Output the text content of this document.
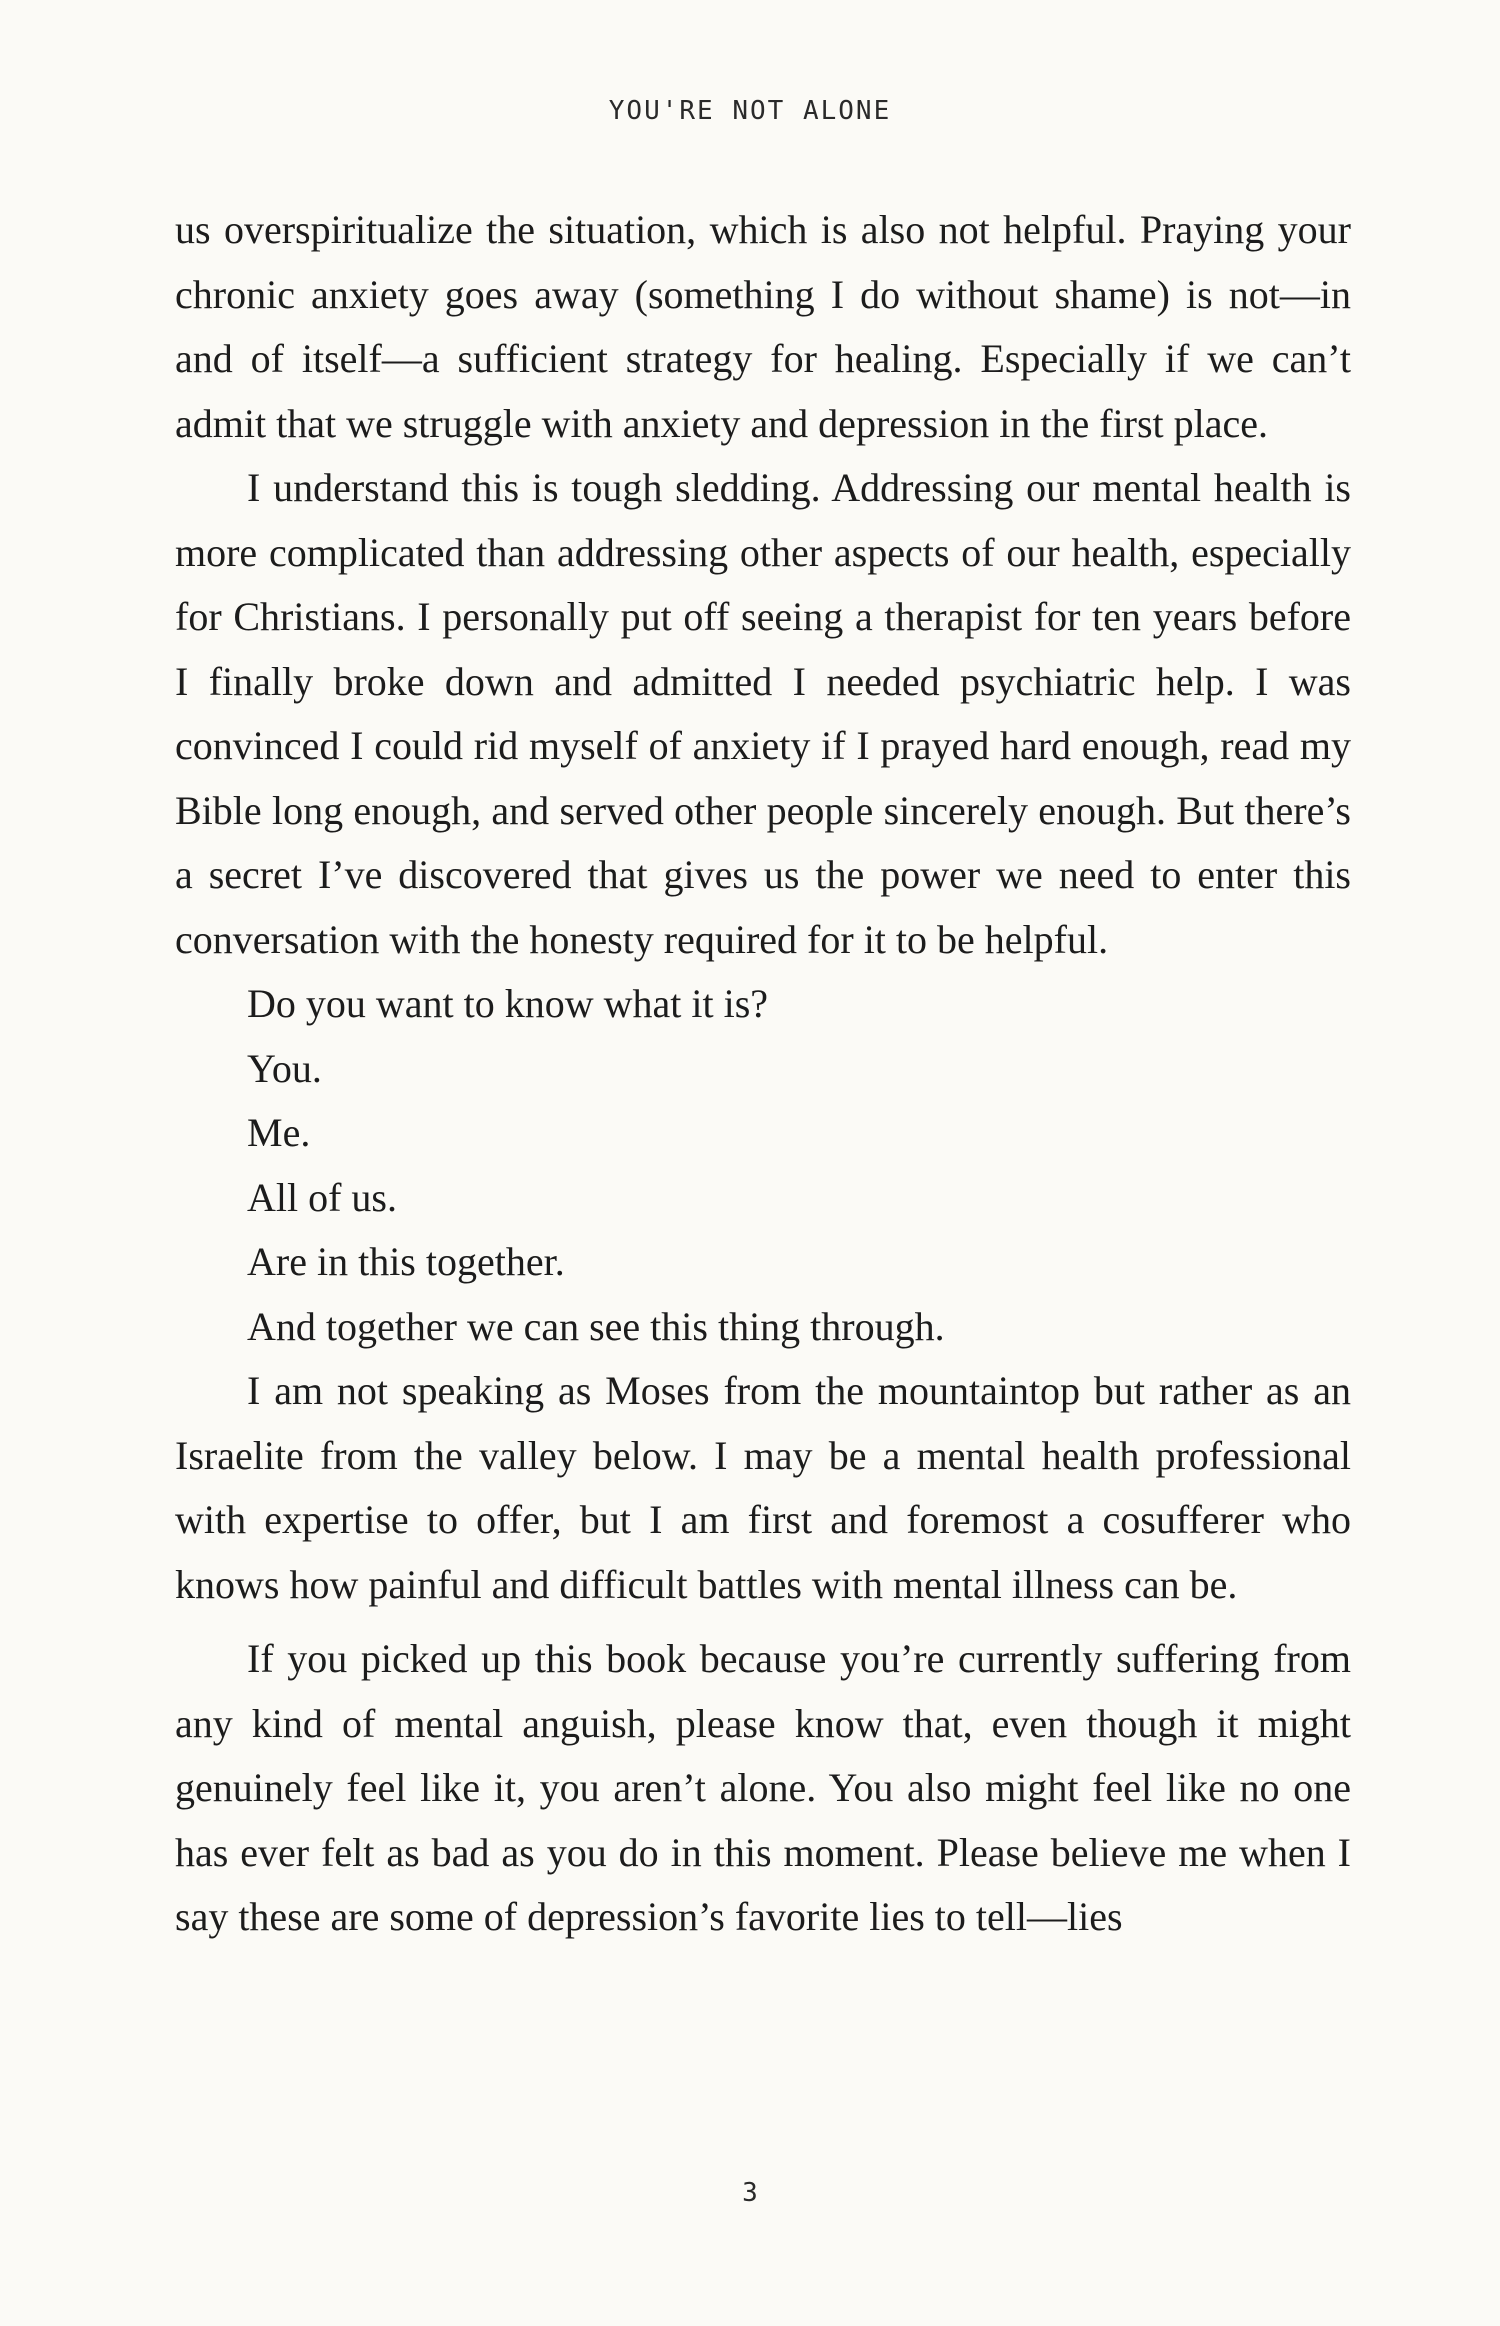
YOU'RE NOT ALONE

us overspiritualize the situation, which is also not helpful. Praying your chronic anxiety goes away (something I do without shame) is not—in and of itself—a sufficient strategy for healing. Especially if we can’t admit that we struggle with anxiety and depression in the first place.

I understand this is tough sledding. Addressing our mental health is more complicated than addressing other aspects of our health, especially for Christians. I personally put off seeing a therapist for ten years before I finally broke down and admitted I needed psychiatric help. I was convinced I could rid myself of anxiety if I prayed hard enough, read my Bible long enough, and served other people sincerely enough. But there’s a secret I’ve discovered that gives us the power we need to enter this conversation with the honesty required for it to be helpful.

Do you want to know what it is?

You.

Me.

All of us.

Are in this together.

And together we can see this thing through.

I am not speaking as Moses from the mountaintop but rather as an Israelite from the valley below. I may be a mental health professional with expertise to offer, but I am first and foremost a cosufferer who knows how painful and difficult battles with mental illness can be.

If you picked up this book because you’re currently suffering from any kind of mental anguish, please know that, even though it might genuinely feel like it, you aren’t alone. You also might feel like no one has ever felt as bad as you do in this moment. Please believe me when I say these are some of depression’s favorite lies to tell—lies

3
